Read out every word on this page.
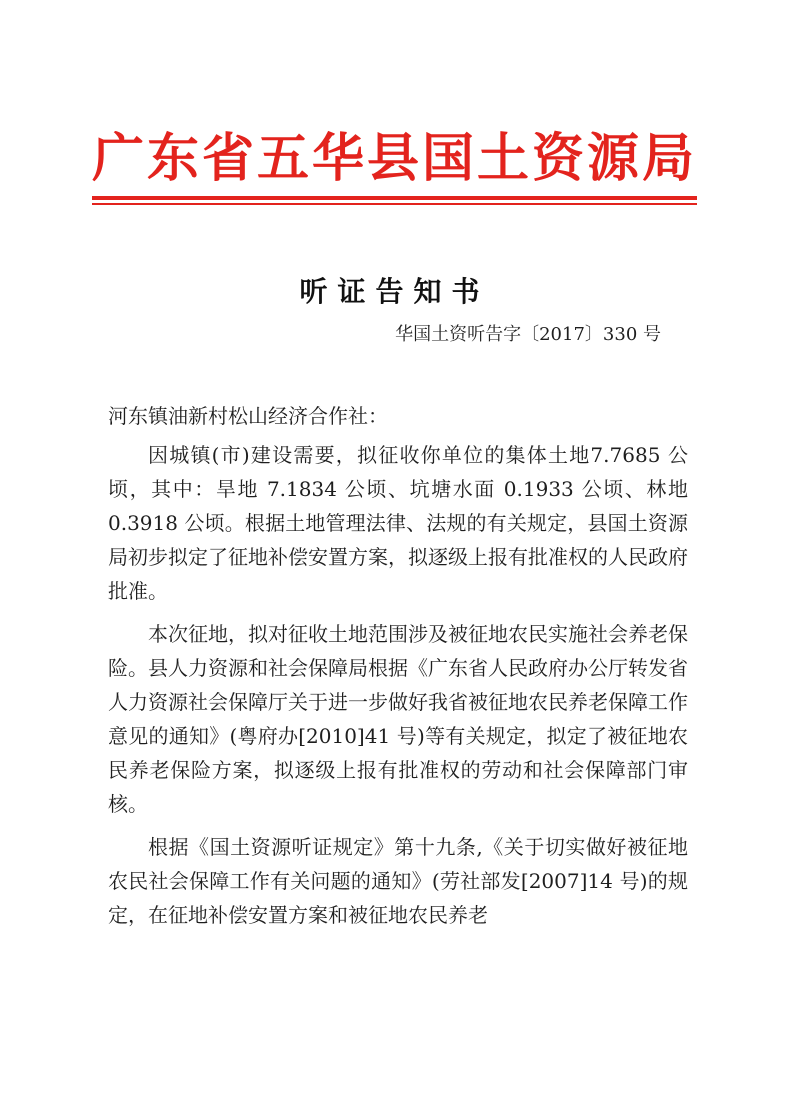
广东省五华县国土资源局
听证告知书
华国土资听告字〔2017〕330 号
河东镇油新村松山经济合作社：

因城镇(市)建设需要，拟征收你单位的集体土地7.7685 公顷，其中：旱地 7.1834 公顷、坑塘水面 0.1933 公顷、林地 0.3918 公顷。根据土地管理法律、法规的有关规定，县国土资源局初步拟定了征地补偿安置方案，拟逐级上报有批准权的人民政府批准。

本次征地，拟对征收土地范围涉及被征地农民实施社会养老保险。县人力资源和社会保障局根据《广东省人民政府办公厅转发省人力资源社会保障厅关于进一步做好我省被征地农民养老保障工作意见的通知》(粤府办[2010]41 号)等有关规定，拟定了被征地农民养老保险方案，拟逐级上报有批准权的劳动和社会保障部门审核。

根据《国土资源听证规定》第十九条,《关于切实做好被征地农民社会保障工作有关问题的通知》(劳社部发[2007]14 号)的规定，在征地补偿安置方案和被征地农民养老
